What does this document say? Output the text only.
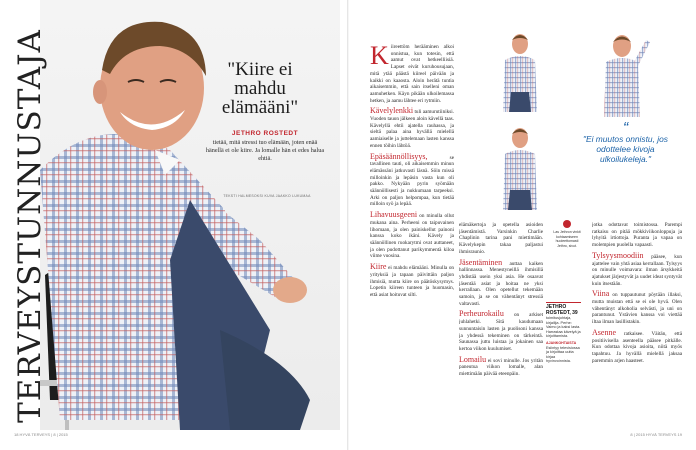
TERVEYSTUNNUSTAJA	"Kiire ei mahdu elämääni"
JETHRO ROSTEDT
tietää, mitä stressi tuo elämään, joten enää hänellä ei ole kiire. Ja lomalle hän ei edes halua ehtiä.
TEKSTI HALMESOKSI KUVA JAAKKO LUKUMAA
18 HYVÄ TERVEYS | 8 | 2015	8 | 2015 HYVÄ TERVEYS 19

Kiireettöm herääminen alkoi onnistua, kun totesin, että aamut ovat hetkeelliisiä. Lapset eivät kuruhousujaan, mitä ytää päästä kiireel päivään ja kaikki on kaaosta. Aloin herätä tuntia aikaisemmin, että sain itselleni oman aamuhetken. Käyn pikään ulkoilemassa hetken, ja aamu lähtee eri rytmiin.

Kävelylenkki tuli aamurutiiniksi. Vuoden tauon jälkeen aloin kävellä taas. Kävelyllä ehtii ajatella rauhassa, ja sieltä palaa aina hyvällä mielellä aamiaiselle ja juttelemaan lasten kanssa ennen töihin lähtöä.

Epäsäännöllisyys,	se tavallinen tauti, oli aikaisemmin minun elämässäni jatkuvasti läsnä. Söin missä milloinkin ja lepäsin vasta kun oli pakko. Nykyään pyrin syömään säännöllisesti ja nukkumaan tarpeeksi. Arki on paljon helpompaa, kun tietää milloin syö ja lepää.

Lihavuusgeeni on minulla ollut mukana aina. Perheeni on taipuvainen lihomaan, ja olen painiskellut painoni kanssa koko ikäni. Kävely ja säännöllinen ruokarytmi ovat auttaneet, ja olen pudottanut parikymmentä kiloa viime vuosina.

Kiire ei mahdu elämääni. Minulla on yrityksiä ja tapaan päivittäin paljon ihmisiä, mutta kiire on päätöskysymys. Lopetin kiireen tunteen ja huomasin, että asiat hoituvat silti.

elämäkertoja ja opetella asioiden jäsentämistä. Varsinkin Charlie Chaplinin tarina pani miettimään. Kävelykepin takaa paljastui ihmisrauniо.

Jäsentäminen auttaa kaiken hallinnassa. Menestyneillä ihmisillä yhdistää usein yksi asia. He osaavat jäsentää asiat ja hoitaa ne yksi kerrallaan. Olen opetellut tekemään samoin, ja se on vähentänyt stressiä valtavasti.

Perheurokailu on arkiset juhlahetki. Sitä kaudumaan sunnuntaisin lasten ja puolisoni kanssa ja yhdessä tekeminen on tärkeintä. Saunassa juttu luistaa ja jokainen saa kertoa viikon kuulumiset.

Lomailu ei sovi minulle. Jos yritän paneutua viikon lomalle, alan miettimään päivää eteenpäin.

jotka odottavat toimistossa. Parempi ratkaisu on pitää mökkiviikonloppuja ja lyhyitä irtiottoja. Puranta ja vapaa on molempien puolella vapaasti.

Tylsyysmoodiin pääsee, kun ajattelee vain yhtä asiaa kerrallaan. Tylsyys on minulle voimavara: ilman ärsykkeitä ajatukset järjestyvät ja uudet ideat syntyvät kuin itsestään.

Viina on tuppautunut pöytään illaksi, mutta muistan että se ei ole hyvä. Olen vähentänyt alkoholia selvästi, ja uni on parantunut. Ystävien kanssa voi viettää iltaa ilman lasillistakin.

Asenne ratkaisee. Väitän, että positiivisella asenteella pääsee pitkälle. Kun odottaa kivoja asioita, niitä myös tapahtuu. Ja hyvällä mielellä jaksaa paremmin arjen haasteet.

“
"Ei muutos onnistu, jos odottelee kivoja ulkoilukeleja."
Las Jethron vinkit kohtaamiseen huoleettomasti Jethro, sivut.
JETHRO ROSTEDT, 39
toimitusjohtaja, kirjailija. Perhe: Vaimo ja kaksi lasta. Harrastaa kävelyä ja kirjoittamista.
AJANKOHTAISTA
Esiintyy televisiossa ja kirjoittaa uutta kirjaa hyvinvoinnista.
